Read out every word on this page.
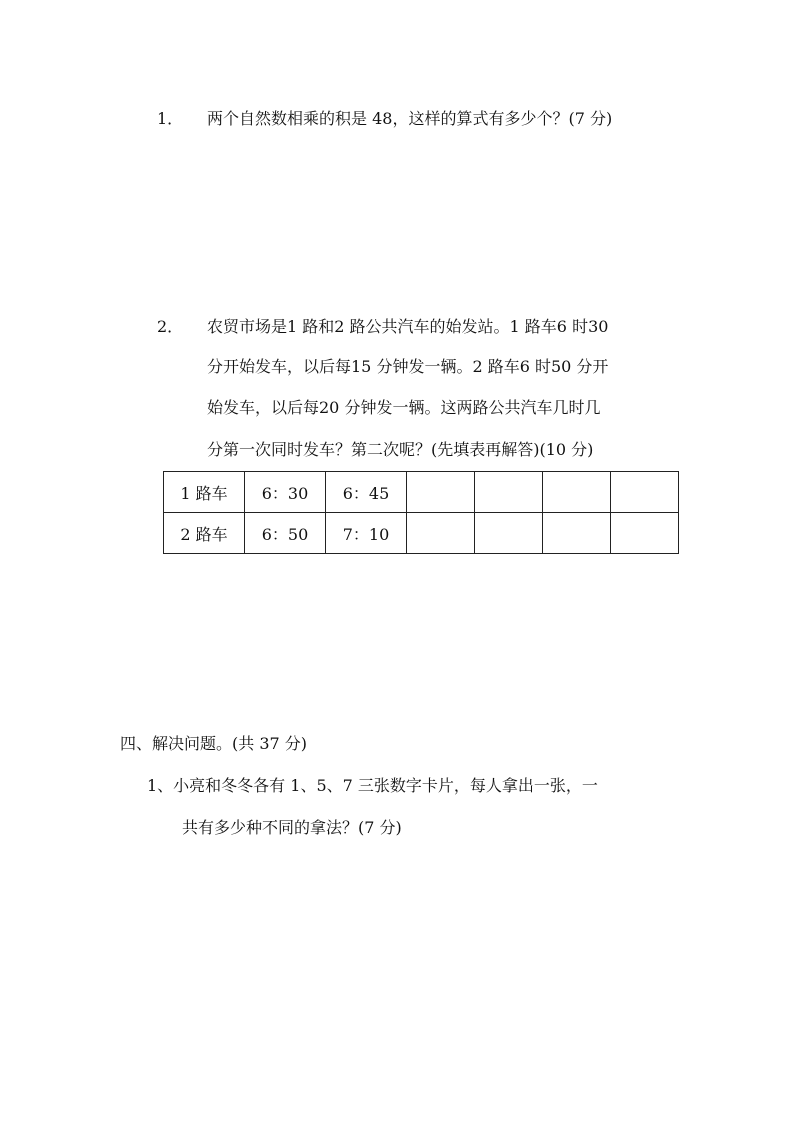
1． 两个自然数相乘的积是 48，这样的算式有多少个？(7 分)
2． 农贸市场是1 路和2 路公共汽车的始发站。1 路车6 时30
分开始发车，以后每15 分钟发一辆。2 路车6 时50 分开
始发车，以后每20 分钟发一辆。这两路公共汽车几时几
分第一次同时发车？第二次呢？(先填表再解答)(10 分)
1 路车	6：30	6：45				
2 路车	6：50	7：10				
四、解决问题。(共 37 分)
1、小亮和冬冬各有 1、5、7 三张数字卡片，每人拿出一张，一
共有多少种不同的拿法？(7 分)
